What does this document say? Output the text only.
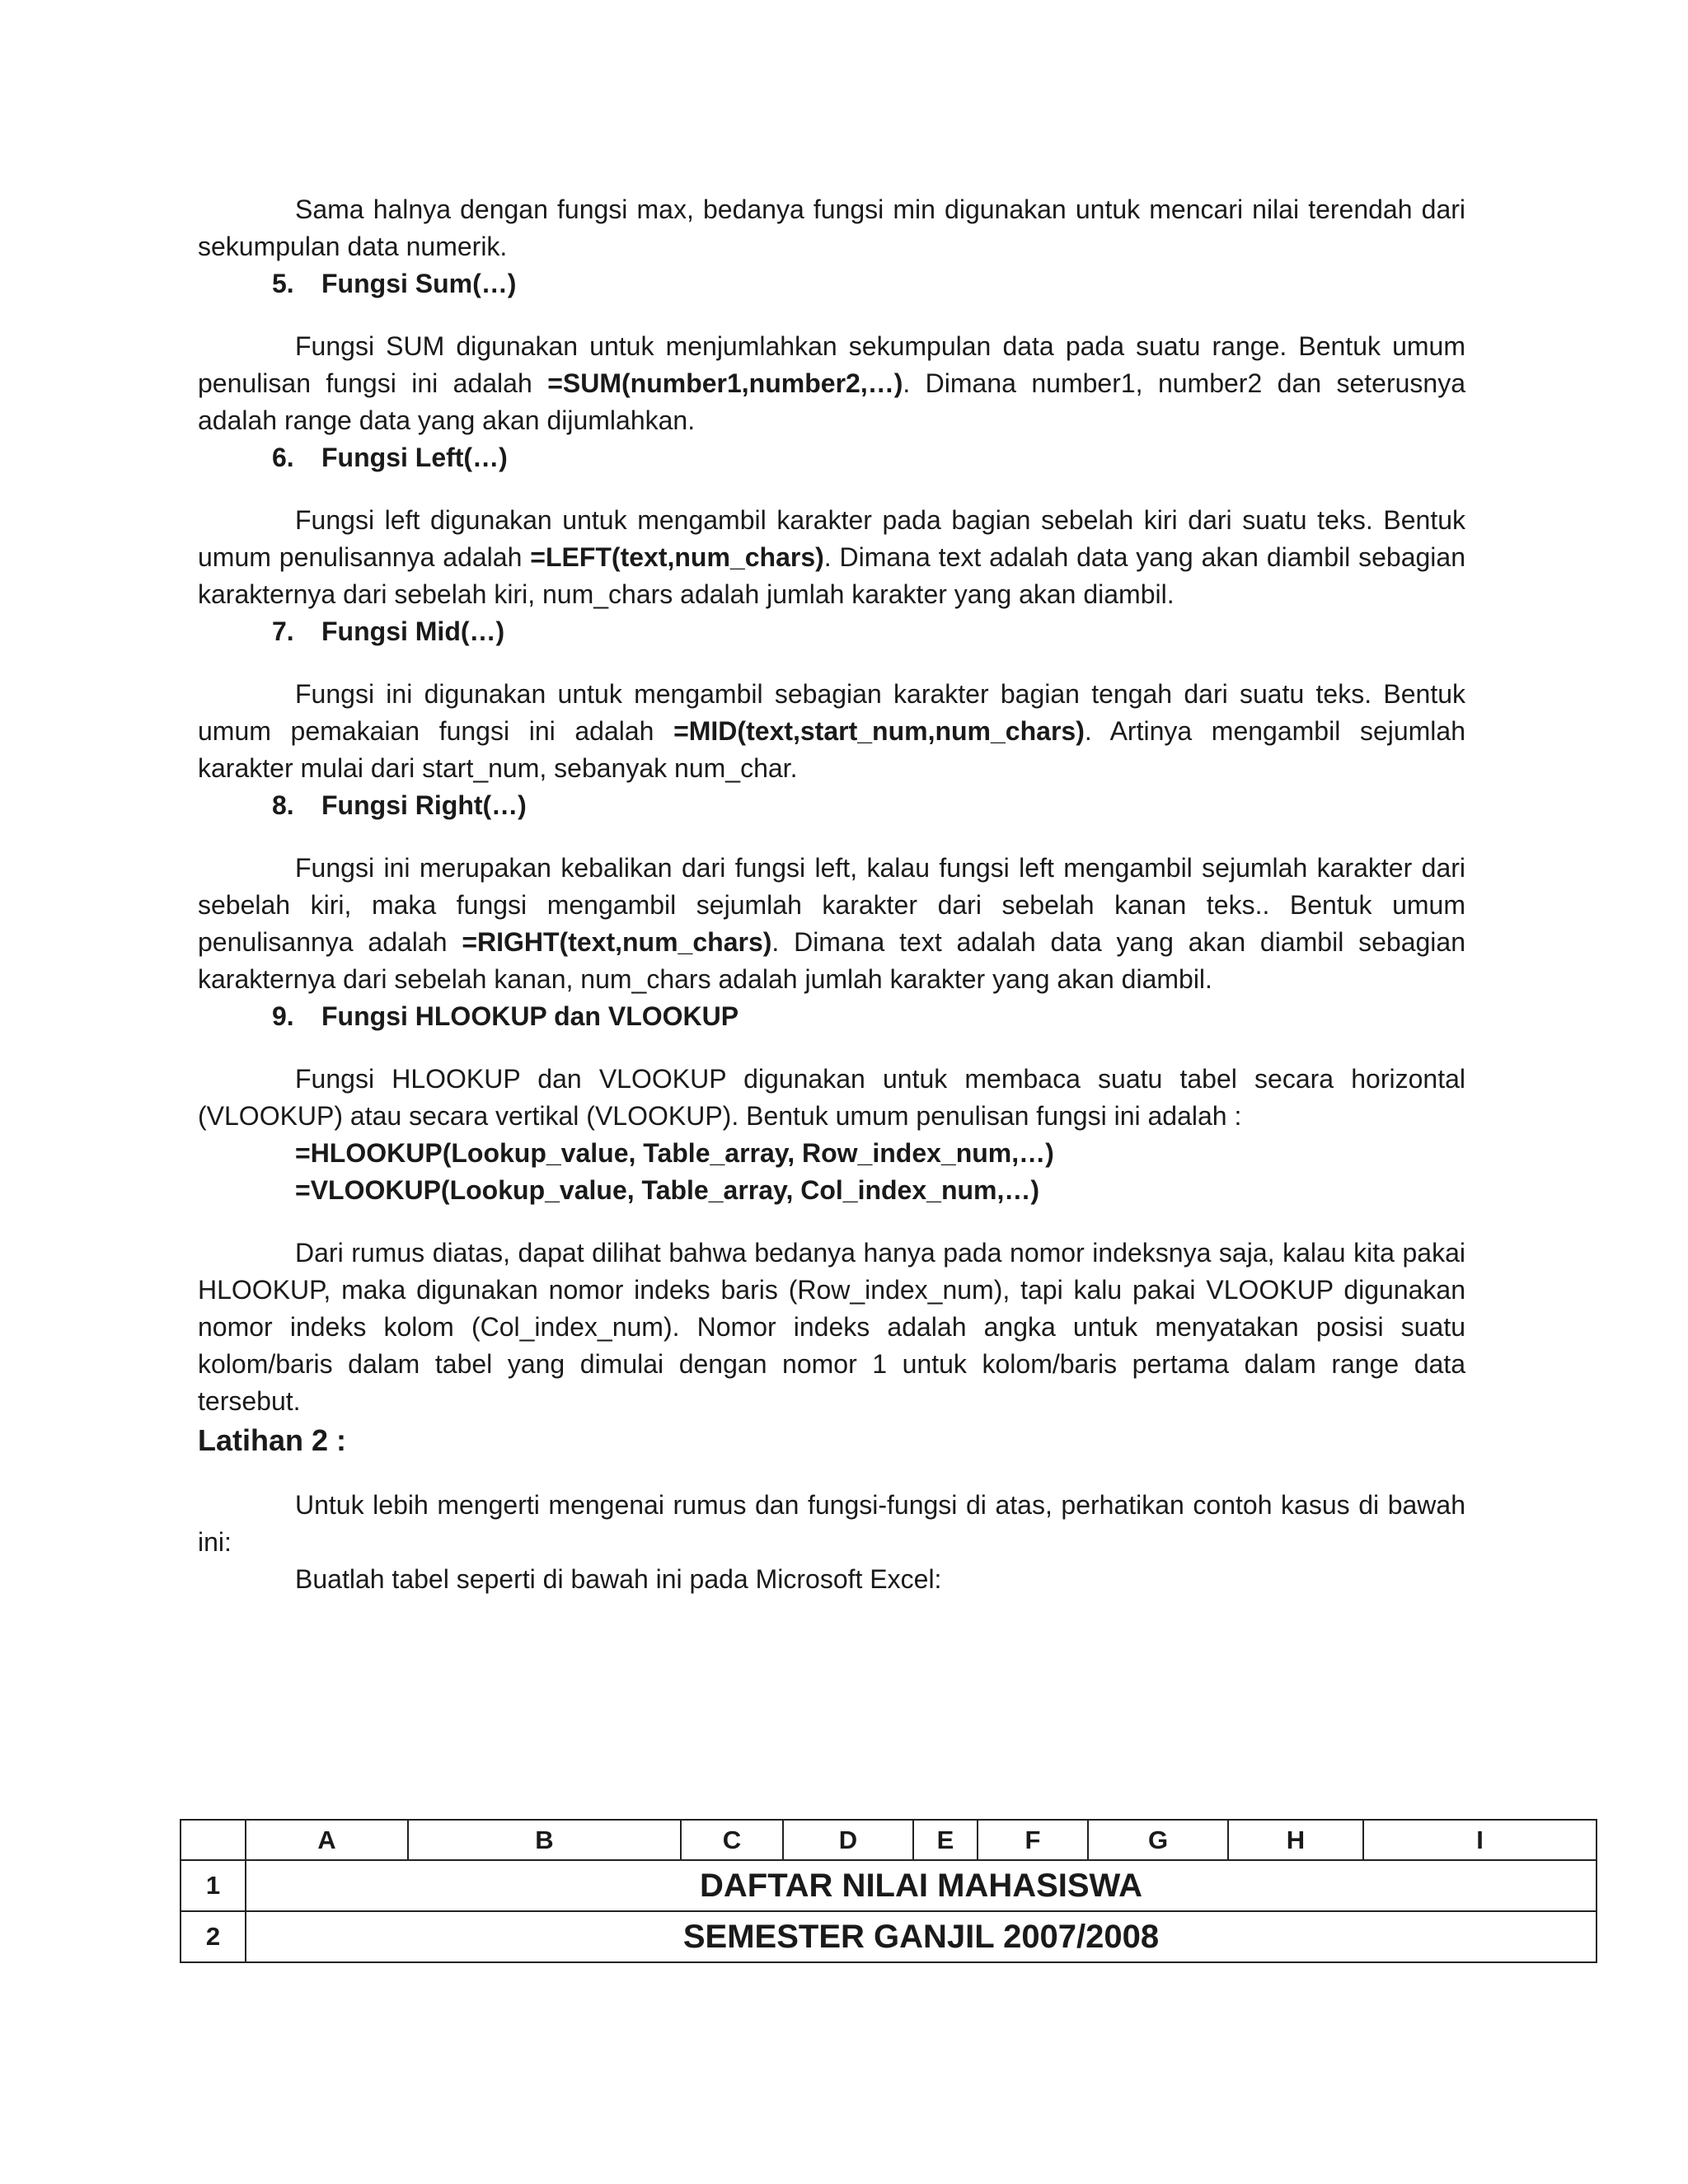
Sama halnya dengan fungsi max, bedanya fungsi min digunakan untuk mencari nilai terendah dari sekumpulan data numerik.

5. Fungsi Sum(…)

Fungsi SUM digunakan untuk menjumlahkan sekumpulan data pada suatu range. Bentuk umum penulisan fungsi ini adalah =SUM(number1,number2,…). Dimana number1, number2 dan seterusnya adalah range data yang akan dijumlahkan.

6. Fungsi Left(…)

Fungsi left digunakan untuk mengambil karakter pada bagian sebelah kiri dari suatu teks. Bentuk umum penulisannya adalah =LEFT(text,num_chars). Dimana text adalah data yang akan diambil sebagian karakternya dari sebelah kiri, num_chars adalah jumlah karakter yang akan diambil.

7. Fungsi Mid(…)

Fungsi ini digunakan untuk mengambil sebagian karakter bagian tengah dari suatu teks. Bentuk umum pemakaian fungsi ini adalah =MID(text,start_num,num_chars). Artinya mengambil sejumlah karakter mulai dari start_num, sebanyak num_char.

8. Fungsi Right(…)

Fungsi ini merupakan kebalikan dari fungsi left, kalau fungsi left mengambil sejumlah karakter dari sebelah kiri, maka fungsi mengambil sejumlah karakter dari sebelah kanan teks.. Bentuk umum penulisannya adalah =RIGHT(text,num_chars). Dimana text adalah data yang akan diambil sebagian karakternya dari sebelah kanan, num_chars adalah jumlah karakter yang akan diambil.

9. Fungsi HLOOKUP dan VLOOKUP

Fungsi HLOOKUP dan VLOOKUP digunakan untuk membaca suatu tabel secara horizontal (VLOOKUP) atau secara vertikal (VLOOKUP). Bentuk umum penulisan fungsi ini adalah :

=HLOOKUP(Lookup_value, Table_array, Row_index_num,…)
=VLOOKUP(Lookup_value, Table_array, Col_index_num,…)

Dari rumus diatas, dapat dilihat bahwa bedanya hanya pada nomor indeksnya saja, kalau kita pakai HLOOKUP, maka digunakan nomor indeks baris (Row_index_num), tapi kalu pakai VLOOKUP digunakan nomor indeks kolom (Col_index_num). Nomor indeks adalah angka untuk menyatakan posisi suatu kolom/baris dalam tabel yang dimulai dengan nomor 1 untuk kolom/baris pertama dalam range data tersebut.

Latihan 2 :

Untuk lebih mengerti mengenai rumus dan fungsi-fungsi di atas, perhatikan contoh kasus di bawah ini:

Buatlah tabel seperti di bawah ini pada Microsoft Excel:

	A	B	C	D	E	F	G	H	I
1	DAFTAR NILAI MAHASISWA								
2	SEMESTER GANJIL 2007/2008								
